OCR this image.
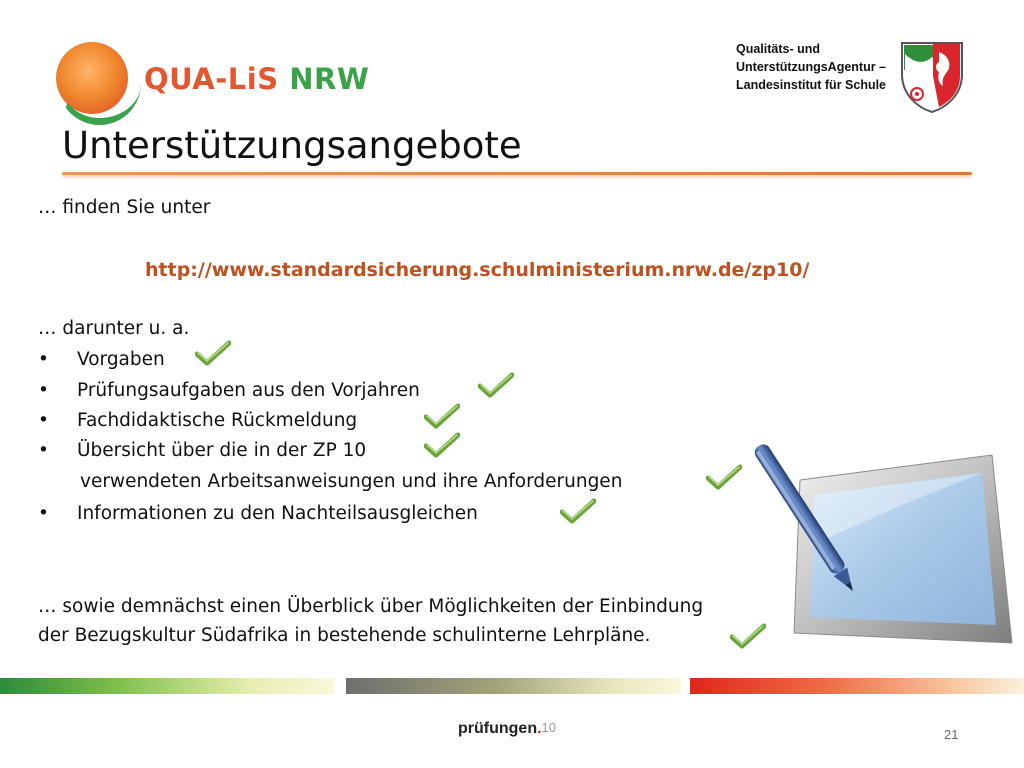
QUA-LiS NRW
Qualitäts- und
UnterstützungsAgentur –
Landesinstitut für Schule
Unterstützungsangebote
… finden Sie unter
http://www.standardsicherung.schulministerium.nrw.de/zp10/
… darunter u. a.
• Vorgaben
• Prüfungsaufgaben aus den Vorjahren
• Fachdidaktische Rückmeldung
• Übersicht über die in der ZP 10
verwendeten Arbeitsanweisungen und ihre Anforderungen
• Informationen zu den Nachteilsausgleichen
… sowie demnächst einen Überblick über Möglichkeiten der Einbindung
der Bezugskultur Südafrika in bestehende schulinterne Lehrpläne.
prüfungen.$^{10}$	21
